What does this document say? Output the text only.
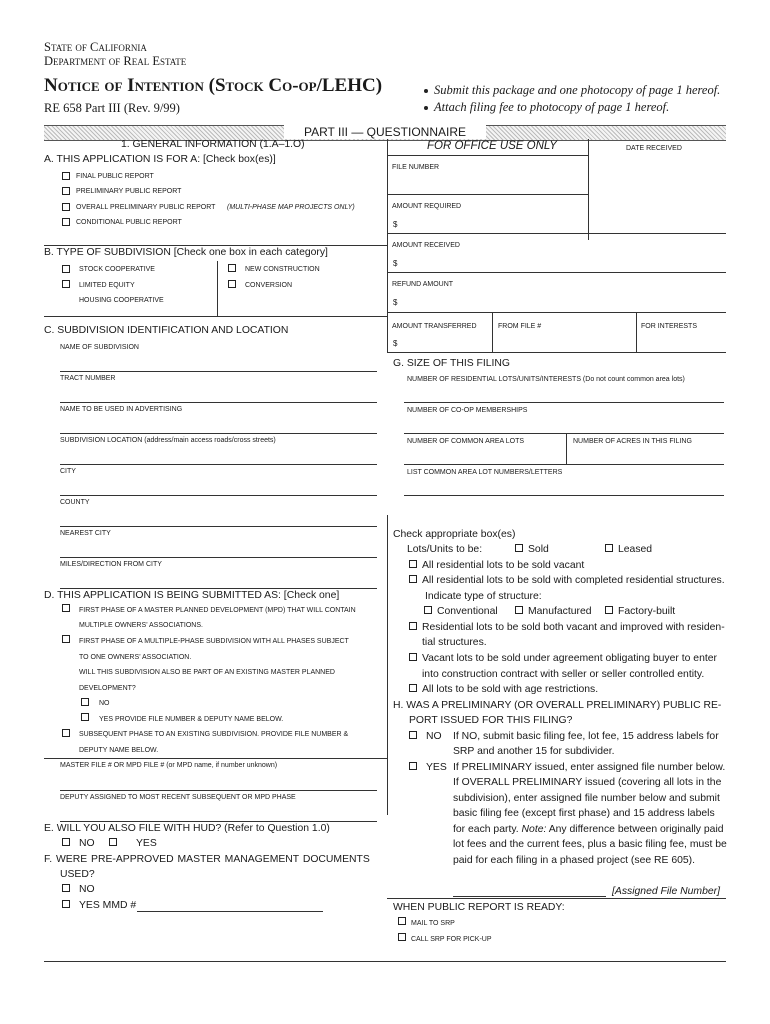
State of California
Department of Real Estate
Notice of Intention (Stock Co-op/LEHC)
RE 658 Part III (Rev. 9/99)
Submit this package and one photocopy of page 1 hereof.
Attach filing fee to photocopy of page 1 hereof.
PART III — QUESTIONNAIRE
1. GENERAL INFORMATION (1.A–1.O)
A. THIS APPLICATION IS FOR A: [Check box(es)]
FINAL PUBLIC REPORT
PRELIMINARY PUBLIC REPORT
OVERALL PRELIMINARY PUBLIC REPORT (MULTI-PHASE MAP PROJECTS ONLY)
CONDITIONAL PUBLIC REPORT
B. TYPE OF SUBDIVISION [Check one box in each category]
STOCK COOPERATIVE
LIMITED EQUITY
HOUSING COOPERATIVE
NEW CONSTRUCTION
CONVERSION
C. SUBDIVISION IDENTIFICATION AND LOCATION
NAME OF SUBDIVISION
TRACT NUMBER
NAME TO BE USED IN ADVERTISING
SUBDIVISION LOCATION (address/main access roads/cross streets)
CITY
COUNTY
NEAREST CITY
MILES/DIRECTION FROM CITY
D. THIS APPLICATION IS BEING SUBMITTED AS: [Check one]
FIRST PHASE OF A MASTER PLANNED DEVELOPMENT (MPD) THAT WILL CONTAIN
MULTIPLE OWNERS’ ASSOCIATIONS.
FIRST PHASE OF A MULTIPLE-PHASE SUBDIVISION WITH ALL PHASES SUBJECT
TO ONE OWNERS’ ASSOCIATION.
WILL THIS SUBDIVISION ALSO BE PART OF AN EXISTING MASTER PLANNED
DEVELOPMENT?
NO
YES PROVIDE FILE NUMBER & DEPUTY NAME BELOW.
SUBSEQUENT PHASE TO AN EXISTING SUBDIVISION. PROVIDE FILE NUMBER &
DEPUTY NAME BELOW.
MASTER FILE # OR MPD FILE # (or MPD name, if number unknown)
DEPUTY ASSIGNED TO MOST RECENT SUBSEQUENT OR MPD PHASE
E. WILL YOU ALSO FILE WITH HUD? (Refer to Question 1.0)
NO	YES
F. WERE PRE-APPROVED MASTER MANAGEMENT DOCUMENTS
USED?
NO
YES MMD #
FOR OFFICE USE ONLY	DATE RECEIVED
FILE NUMBER
AMOUNT REQUIRED
$
AMOUNT RECEIVED
$
REFUND AMOUNT
$
AMOUNT TRANSFERRED	FROM FILE #	FOR INTERESTS
$
G. SIZE OF THIS FILING
NUMBER OF RESIDENTIAL LOTS/UNITS/INTERESTS (Do not count common area lots)
NUMBER OF CO-OP MEMBERSHIPS
NUMBER OF COMMON AREA LOTS	NUMBER OF ACRES IN THIS FILING
LIST COMMON AREA LOT NUMBERS/LETTERS
Check appropriate box(es)
Lots/Units to be:	Sold	Leased
All residential lots to be sold vacant
All residential lots to be sold with completed residential structures.
Indicate type of structure:
Conventional	Manufactured	Factory-built
Residential lots to be sold both vacant and improved with residen-
tial structures.
Vacant lots to be sold under agreement obligating buyer to enter
into construction contract with seller or seller controlled entity.
All lots to be sold with age restrictions.
H. WAS A PRELIMINARY (OR OVERALL PRELIMINARY) PUBLIC RE-
PORT ISSUED FOR THIS FILING?
NO If NO, submit basic filing fee, lot fee, 15 address labels for
SRP and another 15 for subdivider.
YES If PRELIMINARY issued, enter assigned file number below.
If OVERALL PRELIMINARY issued (covering all lots in the
subdivision), enter assigned file number below and submit
basic filing fee (except first phase) and 15 address labels
for each party. Note: Any difference between originally paid
lot fees and the current fees, plus a basic filing fee, must be
paid for each filing in a phased project (see RE 605).
[Assigned File Number]
WHEN PUBLIC REPORT IS READY:
MAIL TO SRP
CALL SRP FOR PICK-UP
